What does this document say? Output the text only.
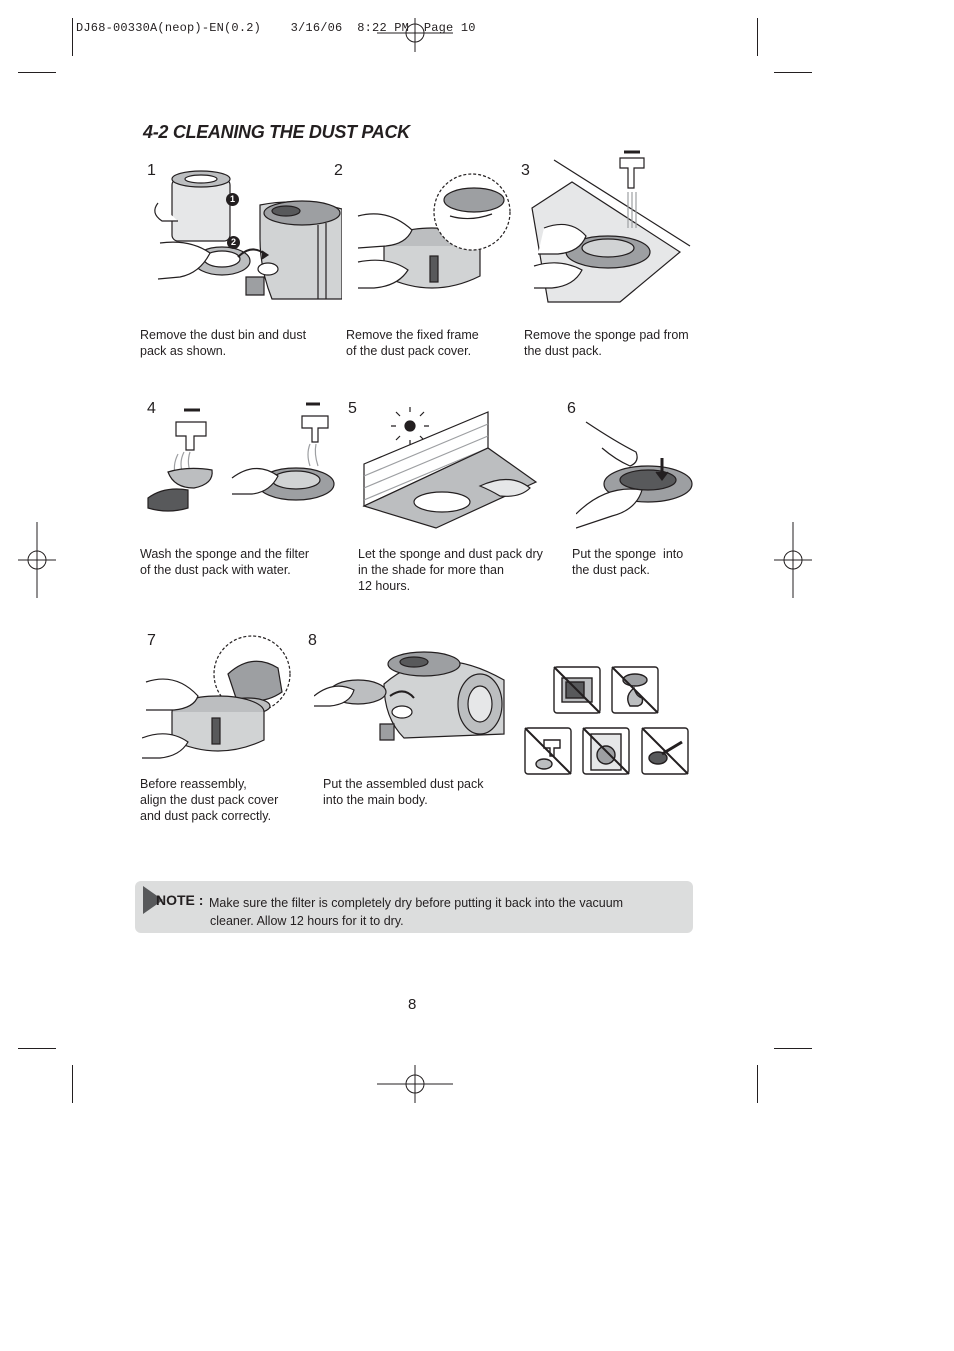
DJ68-00330A(neop)-EN(0.2)    3/16/06  8:22 PM  Page 10
4-2 CLEANING THE DUST PACK
1	2	3
4	5	6
7	8
1
2
Remove the dust bin and dust
pack as shown.
Remove the fixed frame
of the dust pack cover.
Remove the sponge pad from
the dust pack.
Wash the sponge and the filter
of the dust pack with water.
Let the sponge and dust pack dry
in the shade for more than
12 hours.
Put the sponge  into
the dust pack.
Before reassembly,
align the dust pack cover
and dust pack correctly.
Put the assembled dust pack
into the main body.
NOTE : Make sure the filter is completely dry before putting it back into the vacuum
cleaner. Allow 12 hours for it to dry.
8
